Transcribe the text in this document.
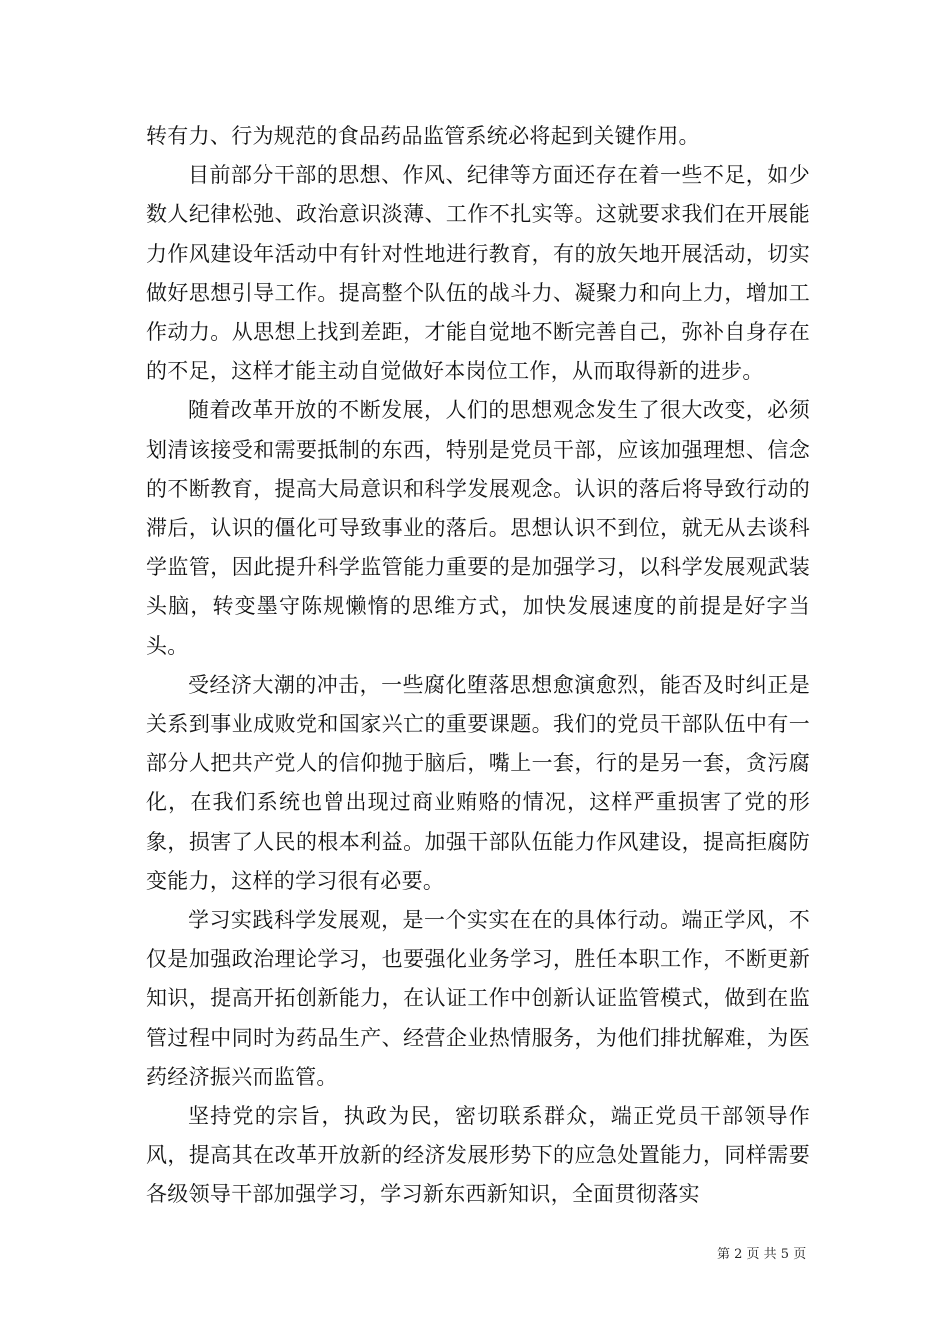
转有力、行为规范的食品药品监管系统必将起到关键作用。

目前部分干部的思想、作风、纪律等方面还存在着一些不足，如少数人纪律松弛、政治意识淡薄、工作不扎实等。这就要求我们在开展能力作风建设年活动中有针对性地进行教育，有的放矢地开展活动，切实做好思想引导工作。提高整个队伍的战斗力、凝聚力和向上力，增加工作动力。从思想上找到差距，才能自觉地不断完善自己，弥补自身存在的不足，这样才能主动自觉做好本岗位工作，从而取得新的进步。

随着改革开放的不断发展，人们的思想观念发生了很大改变，必须划清该接受和需要抵制的东西，特别是党员干部，应该加强理想、信念的不断教育，提高大局意识和科学发展观念。认识的落后将导致行动的滞后，认识的僵化可导致事业的落后。思想认识不到位，就无从去谈科学监管，因此提升科学监管能力重要的是加强学习，以科学发展观武装头脑，转变墨守陈规懒惰的思维方式，加快发展速度的前提是好字当头。

受经济大潮的冲击，一些腐化堕落思想愈演愈烈，能否及时纠正是关系到事业成败党和国家兴亡的重要课题。我们的党员干部队伍中有一部分人把共产党人的信仰抛于脑后，嘴上一套，行的是另一套，贪污腐化，在我们系统也曾出现过商业贿赂的情况，这样严重损害了党的形象，损害了人民的根本利益。加强干部队伍能力作风建设，提高拒腐防变能力，这样的学习很有必要。

学习实践科学发展观，是一个实实在在的具体行动。端正学风，不仅是加强政治理论学习，也要强化业务学习，胜任本职工作，不断更新知识，提高开拓创新能力，在认证工作中创新认证监管模式，做到在监管过程中同时为药品生产、经营企业热情服务，为他们排扰解难，为医药经济振兴而监管。

坚持党的宗旨，执政为民，密切联系群众，端正党员干部领导作风，提高其在改革开放新的经济发展形势下的应急处置能力，同样需要各级领导干部加强学习，学习新东西新知识，全面贯彻落实

第 2 页 共 5 页
